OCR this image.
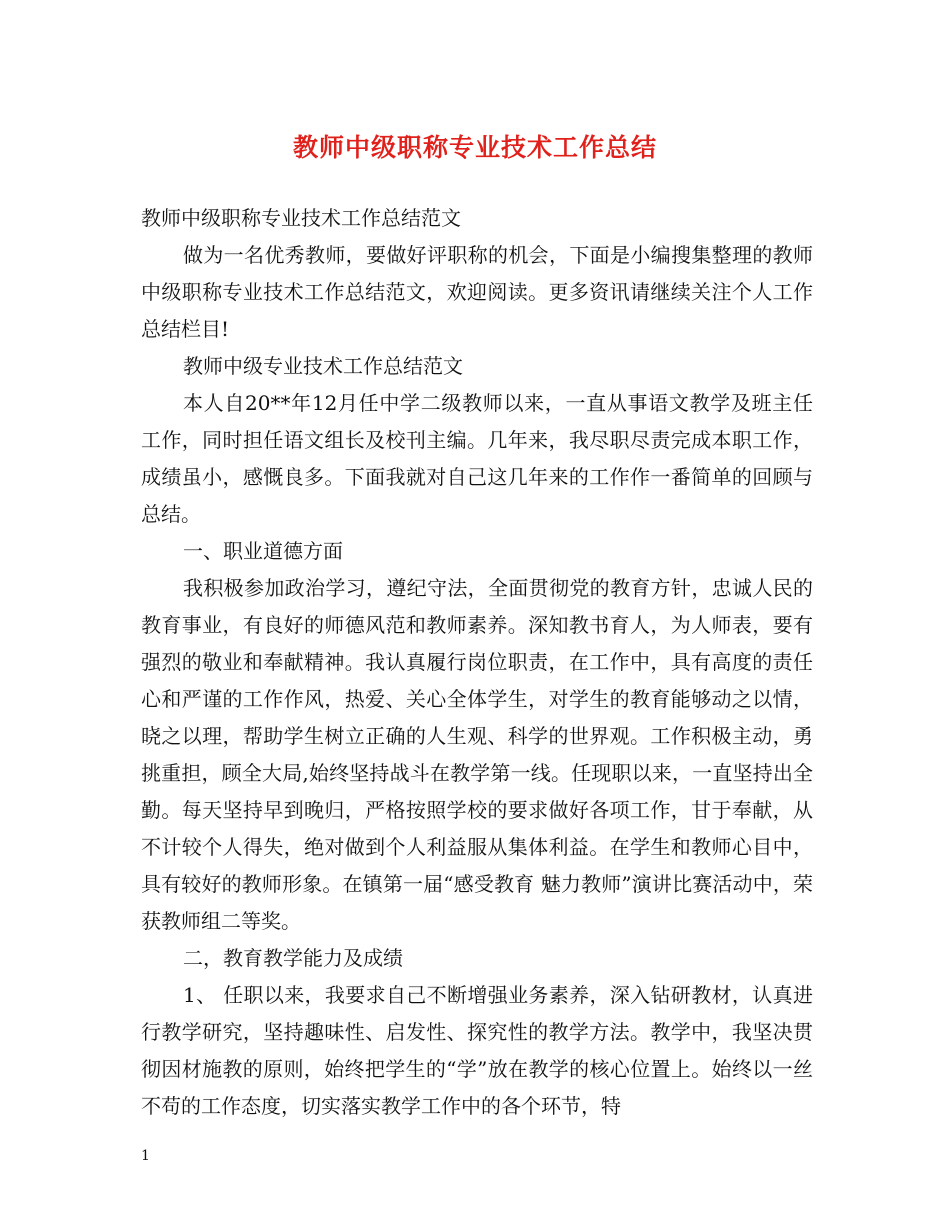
教师中级职称专业技术工作总结

教师中级职称专业技术工作总结范文

做为一名优秀教师，要做好评职称的机会，下面是小编搜集整理的教师中级职称专业技术工作总结范文，欢迎阅读。更多资讯请继续关注个人工作总结栏目!

教师中级专业技术工作总结范文

本人自20**年12月任中学二级教师以来，一直从事语文教学及班主任工作，同时担任语文组长及校刊主编。几年来，我尽职尽责完成本职工作，成绩虽小，感慨良多。下面我就对自己这几年来的工作作一番简单的回顾与总结。

一、职业道德方面

我积极参加政治学习，遵纪守法，全面贯彻党的教育方针，忠诚人民的教育事业，有良好的师德风范和教师素养。深知教书育人，为人师表，要有强烈的敬业和奉献精神。我认真履行岗位职责，在工作中，具有高度的责任心和严谨的工作作风，热爱、关心全体学生，对学生的教育能够动之以情，晓之以理，帮助学生树立正确的人生观、科学的世界观。工作积极主动，勇挑重担，顾全大局,始终坚持战斗在教学第一线。任现职以来，一直坚持出全勤。每天坚持早到晚归，严格按照学校的要求做好各项工作，甘于奉献，从不计较个人得失，绝对做到个人利益服从集体利益。在学生和教师心目中，具有较好的教师形象。在镇第一届“感受教育 魅力教师”演讲比赛活动中，荣获教师组二等奖。

二，教育教学能力及成绩

1、 任职以来，我要求自己不断增强业务素养，深入钻研教材，认真进行教学研究，坚持趣味性、启发性、探究性的教学方法。教学中，我坚决贯彻因材施教的原则，始终把学生的“学”放在教学的核心位置上。始终以一丝不苟的工作态度，切实落实教学工作中的各个环节，特

1
